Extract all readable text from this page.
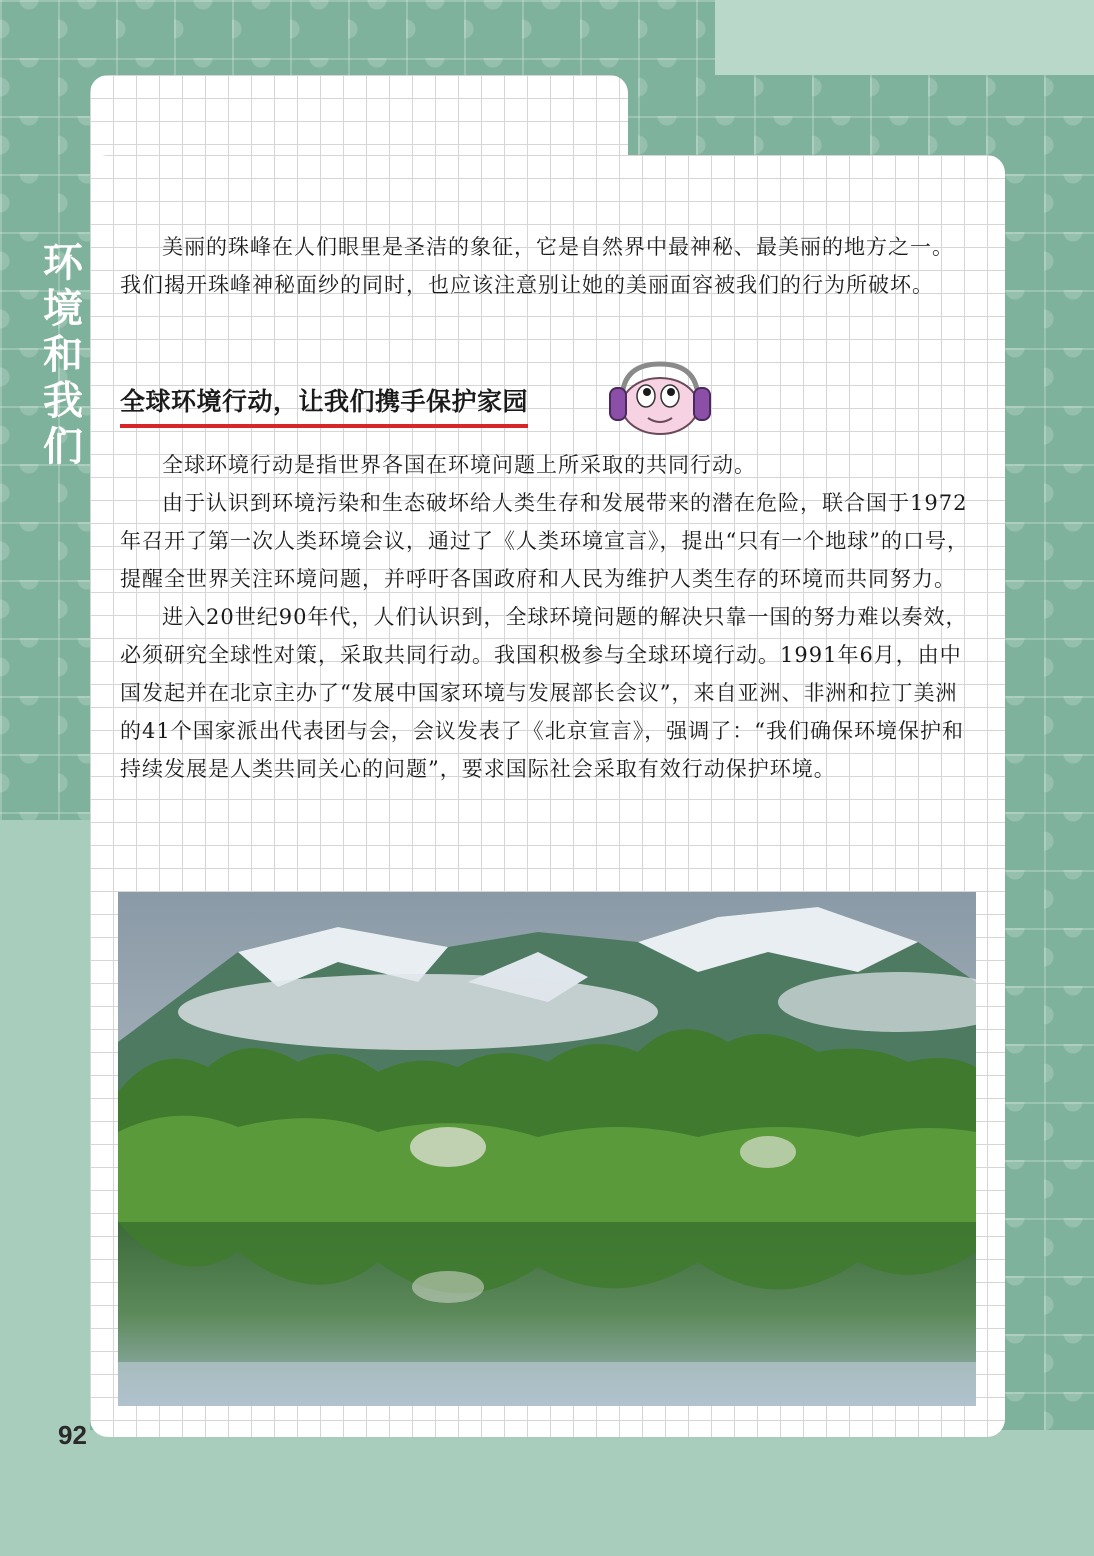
环境和我们

美丽的珠峰在人们眼里是圣洁的象征，它是自然界中最神秘、最美丽的地方之一。我们揭开珠峰神秘面纱的同时，也应该注意别让她的美丽面容被我们的行为所破坏。

全球环境行动，让我们携手保护家园

全球环境行动是指世界各国在环境问题上所采取的共同行动。

由于认识到环境污染和生态破坏给人类生存和发展带来的潜在危险，联合国于1972年召开了第一次人类环境会议，通过了《人类环境宣言》，提出“只有一个地球”的口号，提醒全世界关注环境问题，并呼吁各国政府和人民为维护人类生存的环境而共同努力。

进入20世纪90年代，人们认识到，全球环境问题的解决只靠一国的努力难以奏效，必须研究全球性对策，采取共同行动。我国积极参与全球环境行动。1991年6月，由中国发起并在北京主办了“发展中国家环境与发展部长会议”，来自亚洲、非洲和拉丁美洲的41个国家派出代表团与会，会议发表了《北京宣言》，强调了：“我们确保环境保护和持续发展是人类共同关心的问题”，要求国际社会采取有效行动保护环境。

92
